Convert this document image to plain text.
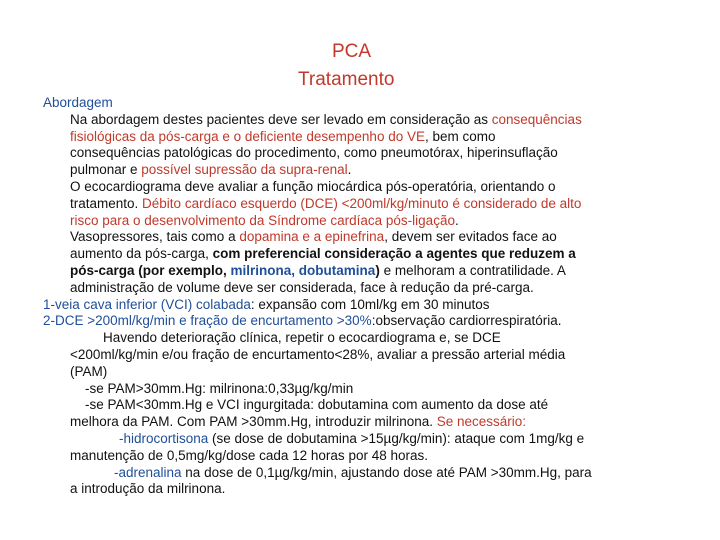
PCA
Tratamento
Abordagem
Na abordagem destes pacientes deve ser levado em consideração as consequências
fisiológicas da pós-carga e o deficiente desempenho do VE, bem como
consequências patológicas do procedimento, como pneumotórax, hiperinsuflação
pulmonar e possível supressão da supra-renal.
O ecocardiograma deve avaliar a função miocárdica pós-operatória, orientando o
tratamento. Débito cardíaco esquerdo (DCE) <200ml/kg/minuto é considerado de alto
risco para o desenvolvimento da Síndrome cardíaca pós-ligação.
Vasopressores, tais como a dopamina e a epinefrina, devem ser evitados face ao
aumento da pós-carga, com preferencial consideração a agentes que reduzem a
pós-carga (por exemplo, milrinona, dobutamina) e melhoram a contratilidade. A
administração de volume deve ser considerada, face à redução da pré-carga.
1-veia cava inferior (VCI) colabada: expansão com 10ml/kg em 30 minutos
2-DCE >200ml/kg/min e fração de encurtamento >30%:observação cardiorrespiratória.
Havendo deterioração clínica, repetir o ecocardiograma e, se DCE
<200ml/kg/min e/ou fração de encurtamento<28%, avaliar a pressão arterial média
(PAM)
-se PAM>30mm.Hg: milrinona:0,33µg/kg/min
-se PAM<30mm.Hg e VCI ingurgitada: dobutamina com aumento da dose até
melhora da PAM. Com PAM >30mm.Hg, introduzir milrinona. Se necessário:
-hidrocortisona (se dose de dobutamina >15µg/kg/min): ataque com 1mg/kg e
manutenção de 0,5mg/kg/dose cada 12 horas por 48 horas.
-adrenalina na dose de 0,1µg/kg/min, ajustando dose até PAM >30mm.Hg, para
a introdução da milrinona.
